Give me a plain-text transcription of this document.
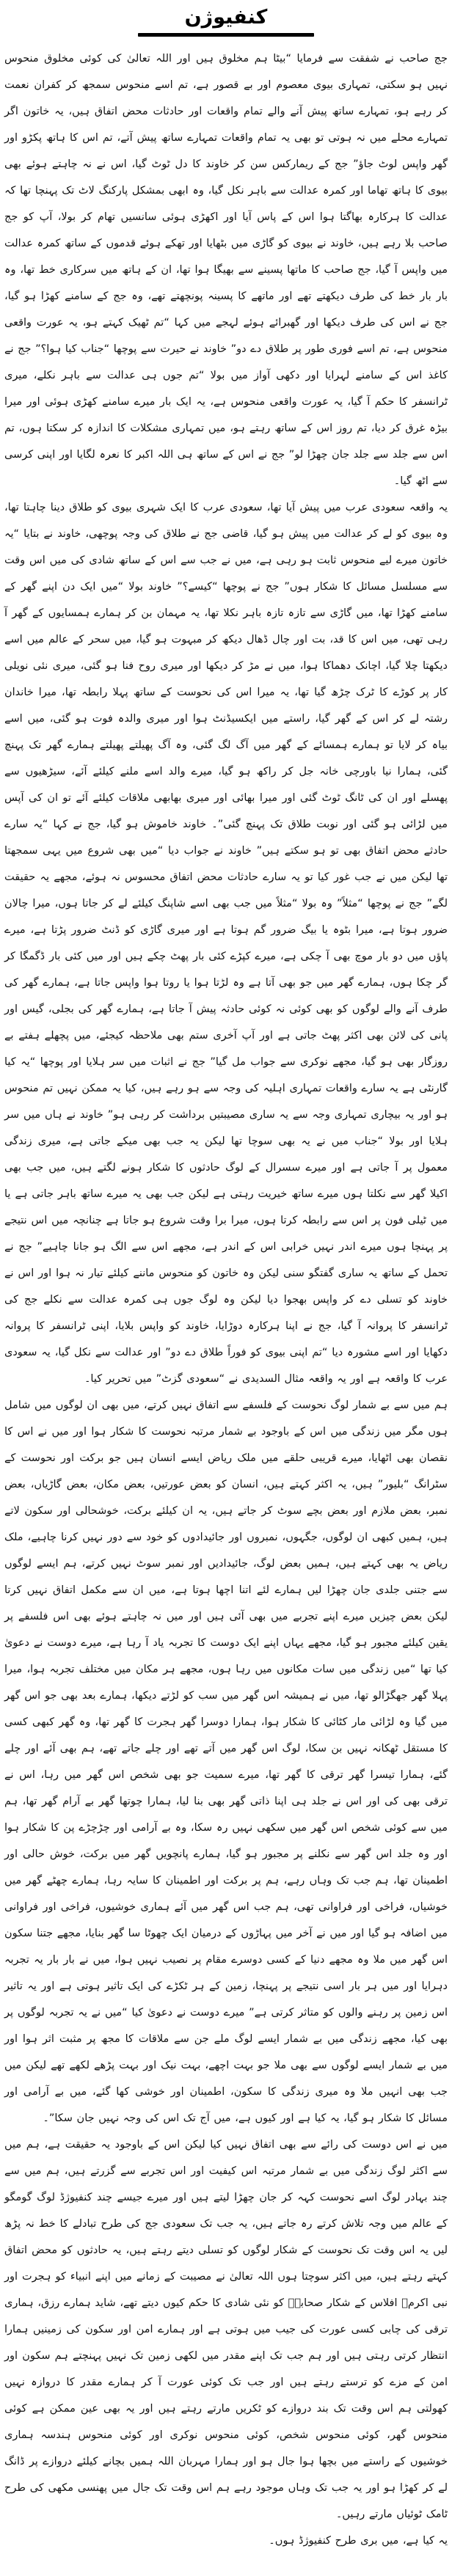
کنفیوژن

جج صاحب نے شفقت سے فرمایا “بیٹا ہم مخلوق ہیں اور اللہ تعالیٰ کی کوئی مخلوق منحوس نہیں ہو سکتی، تمہاری بیوی معصوم اور بے قصور ہے، تم اسے منحوس سمجھ کر کفران نعمت کر رہے ہو، تمہارے ساتھ پیش آنے والے تمام واقعات اور حادثات محض اتفاق ہیں، یہ خاتون اگر تمہارے محلے میں نہ ہوتی تو بھی یہ تمام واقعات تمہارے ساتھ پیش آتے، تم اس کا ہاتھ پکڑو اور گھر واپس لوٹ جاؤ” جج کے ریمارکس سن کر خاوند کا دل ٹوٹ گیا، اس نے نہ چاہتے ہوئے بھی بیوی کا ہاتھ تھاما اور کمرہ عدالت سے باہر نکل گیا، وہ ابھی بمشکل پارکنگ لاٹ تک پہنچا تھا کہ عدالت کا ہرکارہ بھاگتا ہوا اس کے پاس آیا اور اکھڑی ہوئی سانسیں تھام کر بولا، آپ کو جج صاحب بلا رہے ہیں، خاوند نے بیوی کو گاڑی میں بٹھایا اور تھکے ہوئے قدموں کے ساتھ کمرہ عدالت میں واپس آ گیا، جج صاحب کا ماتھا پسینے سے بھیگا ہوا تھا، ان کے ہاتھ میں سرکاری خط تھا، وہ بار بار خط کی طرف دیکھتے تھے اور ماتھے کا پسینہ پونچھتے تھے، وہ جج کے سامنے کھڑا ہو گیا، جج نے اس کی طرف دیکھا اور گھبرائے ہوئے لہجے میں کہا “تم ٹھیک کہتے ہو، یہ عورت واقعی منحوس ہے، تم اسے فوری طور پر طلاق دے دو” خاوند نے حیرت سے پوچھا “جناب کیا ہوا؟” جج نے کاغذ اس کے سامنے لہرایا اور دکھی آواز میں بولا “تم جوں ہی عدالت سے باہر نکلے، میری ٹرانسفر کا حکم آ گیا، یہ عورت واقعی منحوس ہے، یہ ایک بار میرے سامنے کھڑی ہوئی اور میرا بیڑہ غرق کر دیا، تم روز اس کے ساتھ رہتے ہو، میں تمہاری مشکلات کا اندازہ کر سکتا ہوں، تم اس سے جلد سے جلد جان چھڑا لو” جج نے اس کے ساتھ ہی اللہ اکبر کا نعرہ لگایا اور اپنی کرسی سے اٹھ گیا۔

یہ واقعہ سعودی عرب میں پیش آیا تھا، سعودی عرب کا ایک شہری بیوی کو طلاق دینا چاہتا تھا، وہ بیوی کو لے کر عدالت میں پیش ہو گیا، قاضی جج نے طلاق کی وجہ پوچھی، خاوند نے بتایا “یہ خاتون میرے لیے منحوس ثابت ہو رہی ہے، میں نے جب سے اس کے ساتھ شادی کی میں اس وقت سے مسلسل مسائل کا شکار ہوں” جج نے پوچھا “کیسے؟” خاوند بولا “میں ایک دن اپنے گھر کے سامنے کھڑا تھا، میں گاڑی سے تازہ تازہ باہر نکلا تھا، یہ مہمان بن کر ہمارے ہمسایوں کے گھر آ رہی تھی، میں اس کا قد، بت اور چال ڈھال دیکھ کر مبہوت ہو گیا، میں سحر کے عالم میں اسے دیکھتا چلا گیا، اچانک دھماکا ہوا، میں نے مڑ کر دیکھا اور میری روح فنا ہو گئی، میری نئی نویلی کار پر کوڑے کا ٹرک چڑھ گیا تھا، یہ میرا اس کی نحوست کے ساتھ پہلا رابطہ تھا، میرا خاندان رشتہ لے کر اس کے گھر گیا، راستے میں ایکسیڈنٹ ہوا اور میری والدہ فوت ہو گئی، میں اسے بیاہ کر لایا تو ہمارے ہمسائے کے گھر میں آگ لگ گئی، وہ آگ پھیلتے پھیلتے ہمارے گھر تک پہنچ گئی، ہمارا نیا باورچی خانہ جل کر راکھ ہو گیا، میرے والد اسے ملنے کیلئے آئے، سیڑھیوں سے پھسلے اور ان کی ٹانگ ٹوٹ گئی اور میرا بھائی اور میری بھابھی ملاقات کیلئے آئے تو ان کی آپس میں لڑائی ہو گئی اور نوبت طلاق تک پہنچ گئی”۔ خاوند خاموش ہو گیا، جج نے کہا “یہ سارے حادثے محض اتفاق بھی تو ہو سکتے ہیں” خاوند نے جواب دیا “میں بھی شروع میں یہی سمجھتا تھا لیکن میں نے جب غور کیا تو یہ سارے حادثات محض اتفاق محسوس نہ ہوئے، مجھے یہ حقیقت لگے” جج نے پوچھا “مثلاً” وہ بولا “مثلاً میں جب بھی اسے شاپنگ کیلئے لے کر جاتا ہوں، میرا چالان ضرور ہوتا ہے، میرا بٹوہ یا بیگ ضرور گم ہوتا ہے اور میری گاڑی کو ڈنٹ ضرور پڑتا ہے، میرے پاؤں میں دو بار موچ بھی آ چکی ہے، میرے کپڑے کئی بار پھٹ چکے ہیں اور میں کئی بار ڈگمگا کر گر چکا ہوں، ہمارے گھر میں جو بھی آتا ہے وہ لڑتا ہوا یا روتا ہوا واپس جاتا ہے، ہمارے گھر کی طرف آنے والے لوگوں کو بھی کوئی نہ کوئی حادثہ پیش آ جاتا ہے، ہمارے گھر کی بجلی، گیس اور پانی کی لائن بھی اکثر پھٹ جاتی ہے اور آپ آخری ستم بھی ملاحظہ کیجئے، میں پچھلے ہفتے بے روزگار بھی ہو گیا، مجھے نوکری سے جواب مل گیا” جج نے اثبات میں سر ہلایا اور پوچھا “یہ کیا گارنٹی ہے یہ سارے واقعات تمہاری اہلیہ کی وجہ سے ہو رہے ہیں، کیا یہ ممکن نہیں تم منحوس ہو اور یہ بیچاری تمہاری وجہ سے یہ ساری مصیبتیں برداشت کر رہی ہو” خاوند نے ہاں میں سر ہلایا اور بولا “جناب میں نے یہ بھی سوچا تھا لیکن یہ جب بھی میکے جاتی ہے، میری زندگی معمول پر آ جاتی ہے اور میرے سسرال کے لوگ حادثوں کا شکار ہونے لگتے ہیں، میں جب بھی اکیلا گھر سے نکلتا ہوں میرے ساتھ خیریت رہتی ہے لیکن جب بھی یہ میرے ساتھ باہر جاتی ہے یا میں ٹیلی فون پر اس سے رابطہ کرتا ہوں، میرا برا وقت شروع ہو جاتا ہے چنانچہ میں اس نتیجے پر پہنچا ہوں میرے اندر نہیں خرابی اس کے اندر ہے، مجھے اس سے الگ ہو جانا چاہیے” جج نے تحمل کے ساتھ یہ ساری گفتگو سنی لیکن وہ خاتون کو منحوس ماننے کیلئے تیار نہ ہوا اور اس نے خاوند کو تسلی دے کر واپس بھجوا دیا لیکن وہ لوگ جوں ہی کمرہ عدالت سے نکلے جج کی ٹرانسفر کا پروانہ آ گیا، جج نے اپنا ہرکارہ دوڑایا، خاوند کو واپس بلایا، اپنی ٹرانسفر کا پروانہ دکھایا اور اسے مشورہ دیا “تم اپنی بیوی کو فوراً طلاق دے دو” اور عدالت سے نکل گیا، یہ سعودی عرب کا واقعہ ہے اور یہ واقعہ مثال السدیدی نے “سعودی گزٹ” میں تحریر کیا۔

ہم میں سے بے شمار لوگ نحوست کے فلسفے سے اتفاق نہیں کرتے، میں بھی ان لوگوں میں شامل ہوں مگر میں زندگی میں اس کے باوجود بے شمار مرتبہ نحوست کا شکار ہوا اور میں نے اس کا نقصان بھی اٹھایا، میرے قریبی حلقے میں ملک ریاض ایسے انسان ہیں جو برکت اور نحوست کے سٹرانگ “بلیور” ہیں، یہ اکثر کہتے ہیں، انسان کو بعض عورتیں، بعض مکان، بعض گاڑیاں، بعض نمبر، بعض ملازم اور بعض بچے سوٹ کر جاتے ہیں، یہ ان کیلئے برکت، خوشحالی اور سکون لاتے ہیں، ہمیں کبھی ان لوگوں، جگہوں، نمبروں اور جائیدادوں کو خود سے دور نہیں کرنا چاہیے، ملک ریاض یہ بھی کہتے ہیں، ہمیں بعض لوگ، جائیدادیں اور نمبر سوٹ نہیں کرتے، ہم ایسے لوگوں سے جتنی جلدی جان چھڑا لیں ہمارے لئے اتنا اچھا ہوتا ہے، میں ان سے مکمل اتفاق نہیں کرتا لیکن بعض چیزیں میرے اپنے تجربے میں بھی آئی ہیں اور میں نہ چاہتے ہوئے بھی اس فلسفے پر یقین کیلئے مجبور ہو گیا، مجھے یہاں اپنے ایک دوست کا تجربہ یاد آ رہا ہے، میرے دوست نے دعویٰ کیا تھا “میں زندگی میں سات مکانوں میں رہا ہوں، مجھے ہر مکان میں مختلف تجربہ ہوا، میرا پہلا گھر جھگڑالو تھا، میں نے ہمیشہ اس گھر میں سب کو لڑتے دیکھا، ہمارے بعد بھی جو اس گھر میں گیا وہ لڑائی مار کٹائی کا شکار ہوا، ہمارا دوسرا گھر ہجرت کا گھر تھا، وہ گھر کبھی کسی کا مستقل ٹھکانہ نہیں بن سکا، لوگ اس گھر میں آتے تھے اور چلے جاتے تھے، ہم بھی آئے اور چلے گئے، ہمارا تیسرا گھر ترقی کا گھر تھا، میرے سمیت جو بھی شخص اس گھر میں رہا، اس نے ترقی بھی کی اور اس نے جلد ہی اپنا ذاتی گھر بھی بنا لیا، ہمارا چوتھا گھر بے آرام گھر تھا، ہم میں سے کوئی شخص اس گھر میں سکھی نہیں رہ سکا، وہ بے آرامی اور چڑچڑے پن کا شکار ہوا اور وہ جلد اس گھر سے نکلنے پر مجبور ہو گیا، ہمارے پانچویں گھر میں برکت، خوش حالی اور اطمینان تھا، ہم جب تک وہاں رہے، ہم پر برکت اور اطمینان کا سایہ رہا، ہمارے چھٹے گھر میں خوشیاں، فراخی اور فراوانی تھی، ہم جب اس گھر میں آئے ہماری خوشیوں، فراخی اور فراوانی میں اضافہ ہو گیا اور میں نے آخر میں پہاڑوں کے درمیان ایک چھوٹا سا گھر بنایا، مجھے جتنا سکون اس گھر میں ملا وہ مجھے دنیا کے کسی دوسرے مقام پر نصیب نہیں ہوا، میں نے بار بار یہ تجربہ دہرایا اور میں ہر بار اسی نتیجے پر پہنچا، زمین کے ہر ٹکڑے کی ایک تاثیر ہوتی ہے اور یہ تاثیر اس زمین پر رہنے والوں کو متاثر کرتی ہے” میرے دوست نے دعویٰ کیا “میں نے یہ تجربہ لوگوں پر بھی کیا، مجھے زندگی میں بے شمار ایسے لوگ ملے جن سے ملاقات کا مجھ پر مثبت اثر ہوا اور میں بے شمار ایسے لوگوں سے بھی ملا جو بہت اچھے، بہت نیک اور بہت پڑھے لکھے تھے لیکن میں جب بھی انہیں ملا وہ میری زندگی کا سکون، اطمینان اور خوشی کھا گئے، میں بے آرامی اور مسائل کا شکار ہو گیا، یہ کیا ہے اور کیوں ہے، میں آج تک اس کی وجہ نہیں جان سکا”۔

میں نے اس دوست کی رائے سے بھی اتفاق نہیں کیا لیکن اس کے باوجود یہ حقیقت ہے، ہم میں سے اکثر لوگ زندگی میں بے شمار مرتبہ اس کیفیت اور اس تجربے سے گزرتے ہیں، ہم میں سے چند بہادر لوگ اسے نحوست کہہ کر جان چھڑا لیتے ہیں اور میرے جیسے چند کنفیوژڈ لوگ گومگو کے عالم میں وجہ تلاش کرتے رہ جاتے ہیں، یہ جب تک سعودی جج کی طرح تبادلے کا خط نہ پڑھ لیں یہ اس وقت تک نحوست کے شکار لوگوں کو تسلی دیتے رہتے ہیں، یہ حادثوں کو محض اتفاق کہتے رہتے ہیں، میں اکثر سوچتا ہوں اللہ تعالیٰ نے مصیبت کے زمانے میں اپنے انبیاء کو ہجرت اور نبی اکرمؐ افلاس کے شکار صحابہؓ کو نئی شادی کا حکم کیوں دیتے تھے، شاید ہمارے رزق، ہماری ترقی کی چابی کسی عورت کی جیب میں ہوتی ہے اور ہمارے امن اور سکون کی زمینیں ہمارا انتظار کرتی رہتی ہیں اور ہم جب تک اپنے مقدر میں لکھی زمین تک نہیں پہنچتے ہم سکون اور امن کے مزے کو ترستے رہتے ہیں اور جب تک کوئی عورت آ کر ہمارے مقدر کا دروازہ نہیں کھولتی ہم اس وقت تک بند دروازے کو ٹکریں مارتے رہتے ہیں اور یہ بھی عین ممکن ہے کوئی منحوس گھر، کوئی منحوس شخص، کوئی منحوس نوکری اور کوئی منحوس ہندسہ ہماری خوشیوں کے راستے میں بچھا ہوا جال ہو اور ہمارا مہربان اللہ ہمیں بچانے کیلئے دروازے پر ڈانگ لے کر کھڑا ہو اور یہ جب تک وہاں موجود رہے ہم اس وقت تک جال میں پھنسی مکھی کی طرح ٹامک ٹوئیاں مارتے رہیں۔

یہ کیا ہے، میں بری طرح کنفیوژڈ ہوں۔
